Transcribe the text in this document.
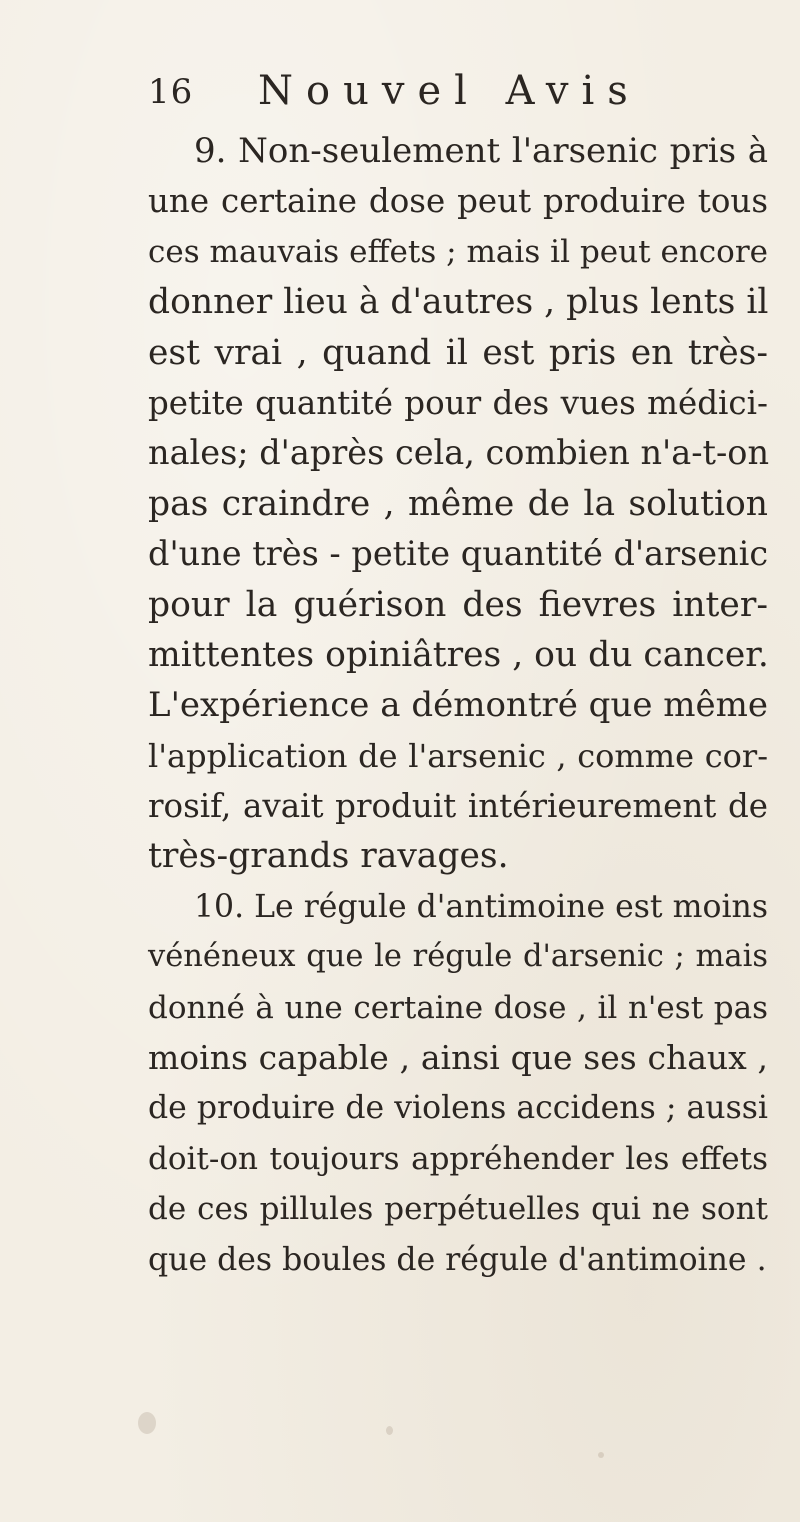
16 Nouvel Avis
9. Non-seulement l'arsenic pris à
une certaine dose peut produire tous
ces mauvais effets ; mais il peut encore
donner lieu à d'autres , plus lents il
est vrai , quand il est pris en très-
petite quantité pour des vues médici-
nales; d'après cela, combien n'a-t-on
pas craindre , même de la solution
d'une très - petite quantité d'arsenic
pour la guérison des fievres inter-
mittentes opiniâtres , ou du cancer.
L'expérience a démontré que même
l'application de l'arsenic , comme cor-
rosif, avait produit intérieurement de
très-grands ravages.
10. Le régule d'antimoine est moins
vénéneux que le régule d'arsenic ; mais
donné à une certaine dose , il n'est pas
moins capable , ainsi que ses chaux ,
de produire de violens accidens ; aussi
doit-on toujours appréhender les effets
de ces pillules perpétuelles qui ne sont
que des boules de régule d'antimoine .
